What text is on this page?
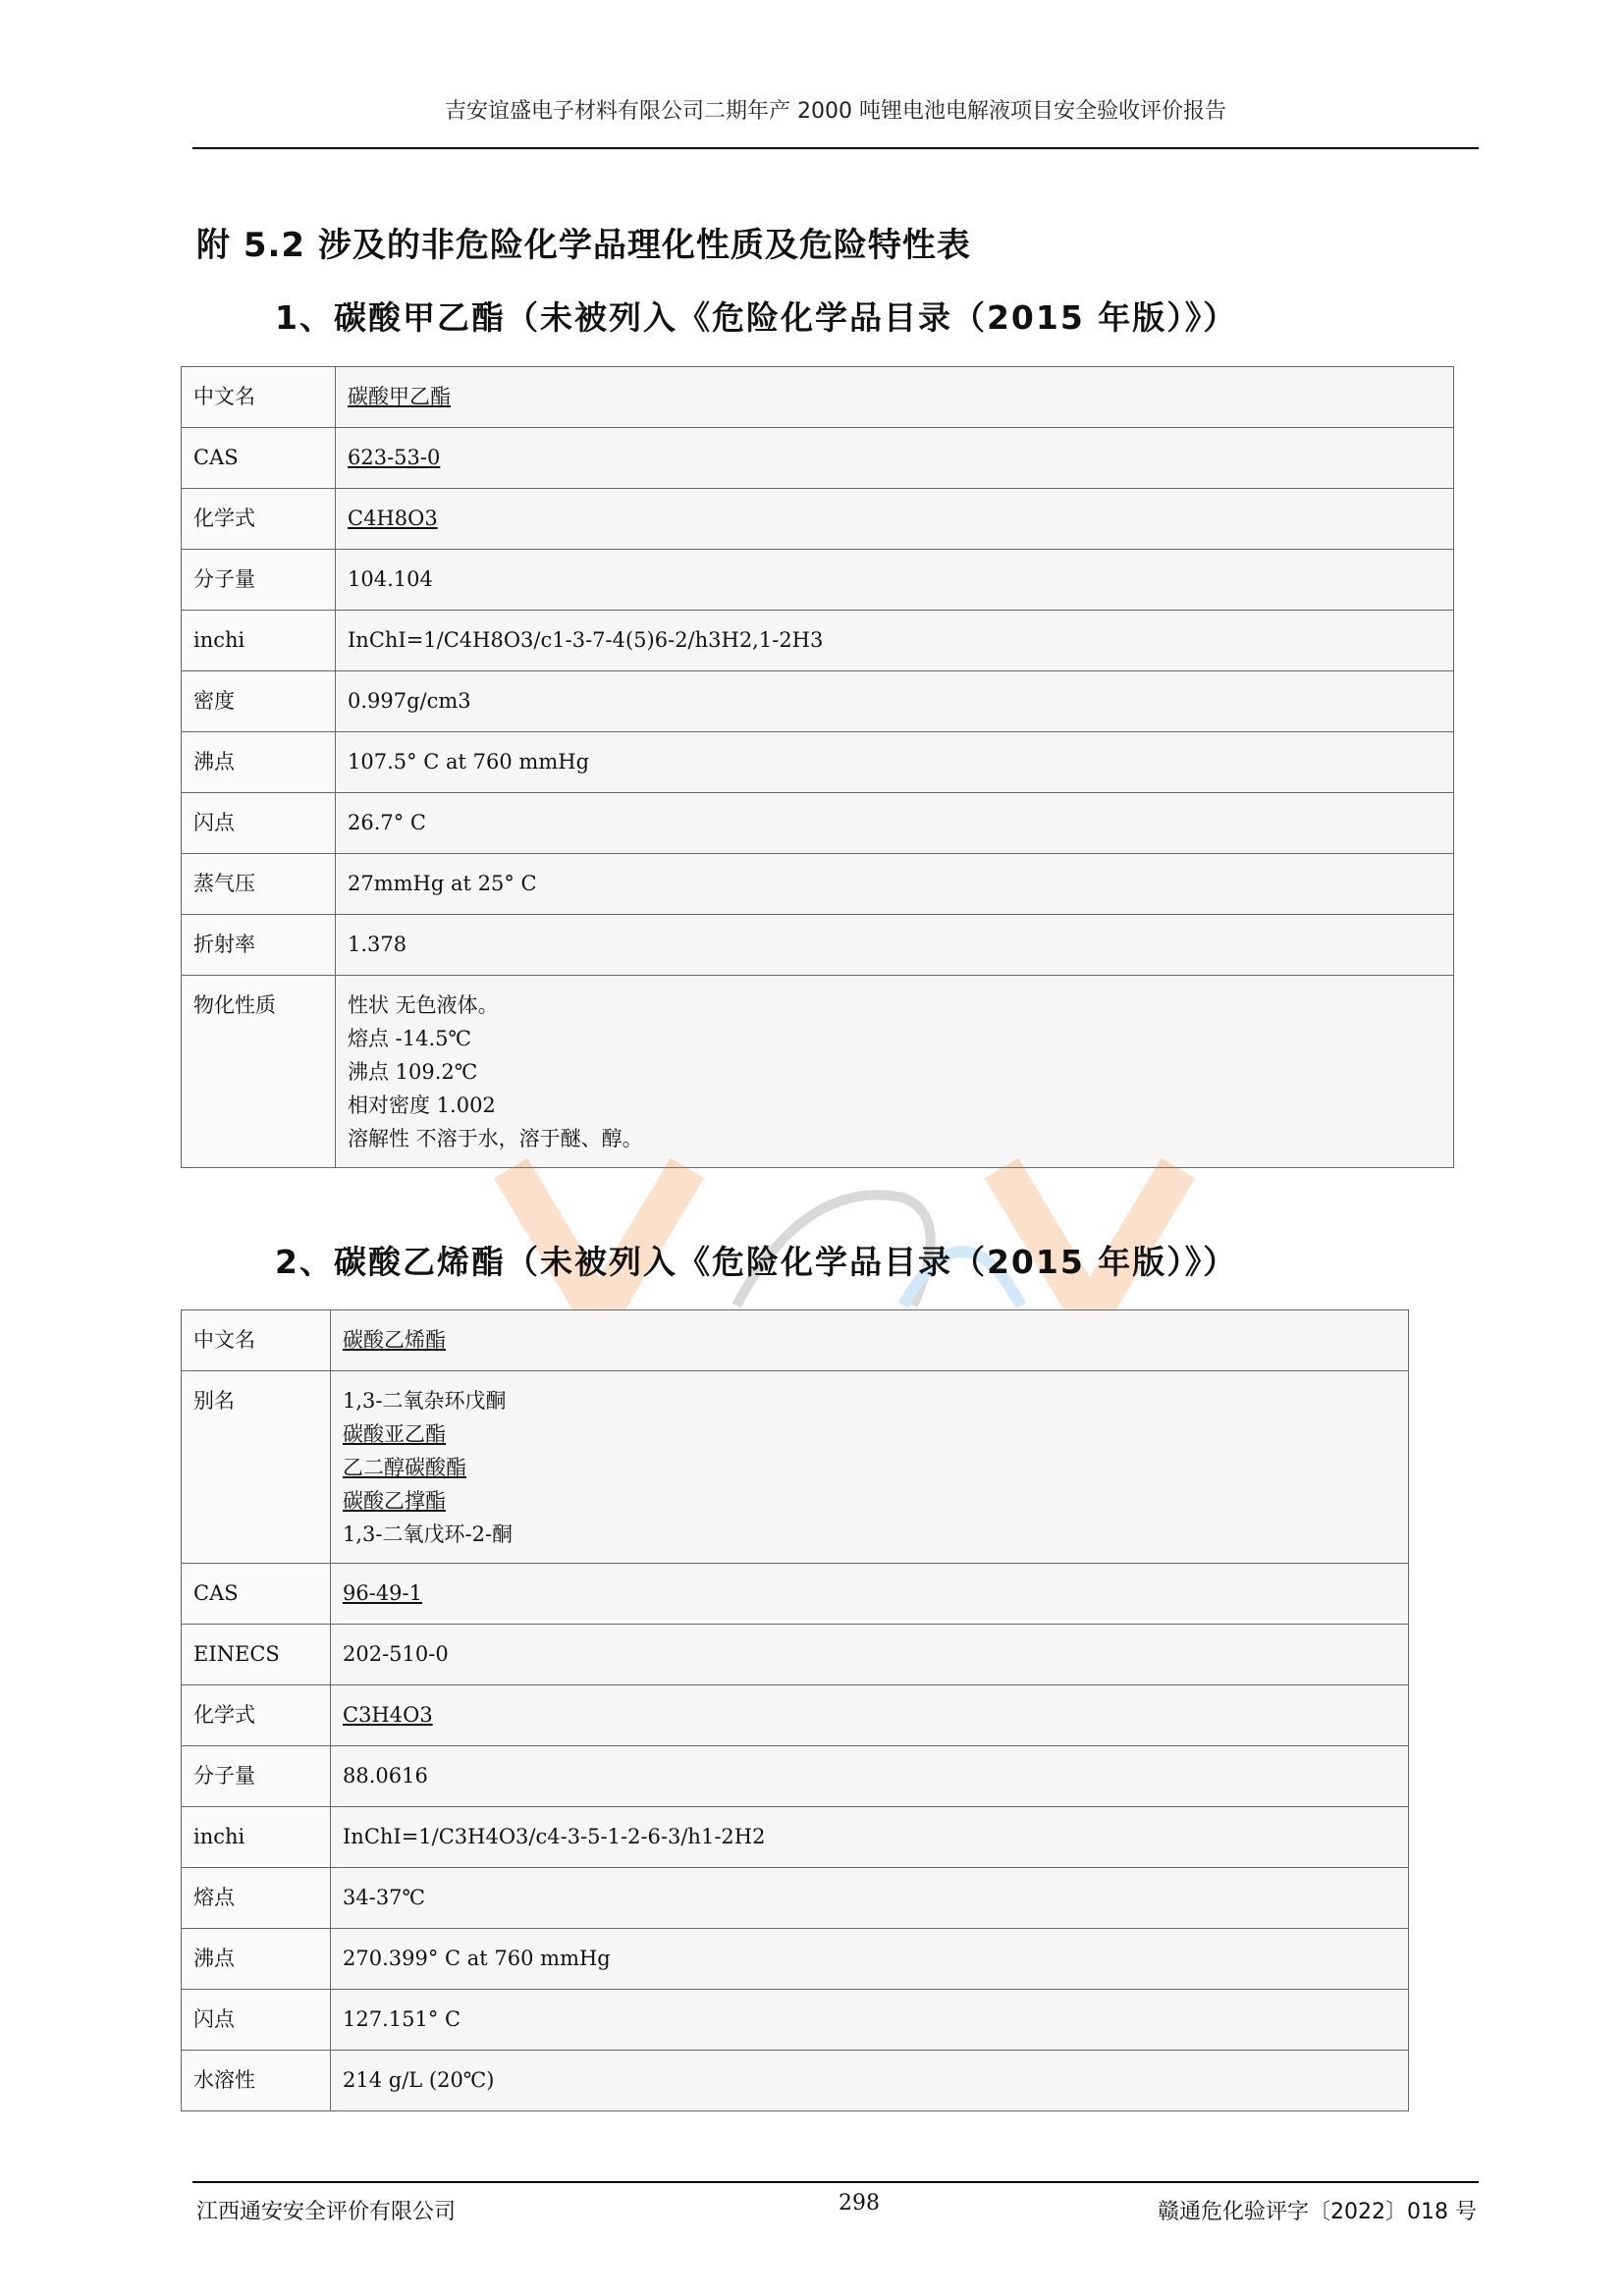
吉安谊盛电子材料有限公司二期年产 2000 吨锂电池电解液项目安全验收评价报告
附 5.2 涉及的非危险化学品理化性质及危险特性表
1、碳酸甲乙酯（未被列入《危险化学品目录（2015 年版）》）
中文名	碳酸甲乙酯
CAS	623-53-0
化学式	C4H8O3
分子量	104.104
inchi	InChI=1/C4H8O3/c1-3-7-4(5)6-2/h3H2,1-2H3
密度	0.997g/cm3
沸点	107.5° C at 760 mmHg
闪点	26.7° C
蒸气压	27mmHg at 25° C
折射率	1.378
物化性质	性状 无色液体。
熔点 -14.5℃
沸点 109.2℃
相对密度 1.002
溶解性 不溶于水，溶于醚、醇。
2、碳酸乙烯酯（未被列入《危险化学品目录（2015 年版）》）
中文名	碳酸乙烯酯
别名	1,3-二氧杂环戊酮
碳酸亚乙酯
乙二醇碳酸酯
碳酸乙撑酯
1,3-二氧戊环-2-酮

CAS	96-49-1
EINECS	202-510-0
化学式	C3H4O3
分子量	88.0616
inchi	InChI=1/C3H4O3/c4-3-5-1-2-6-3/h1-2H2
熔点	34-37℃
沸点	270.399° C at 760 mmHg
闪点	127.151° C
水溶性	214 g/L (20℃)
江西通安安全评价有限公司	298	赣通危化验评字〔2022〕018 号
